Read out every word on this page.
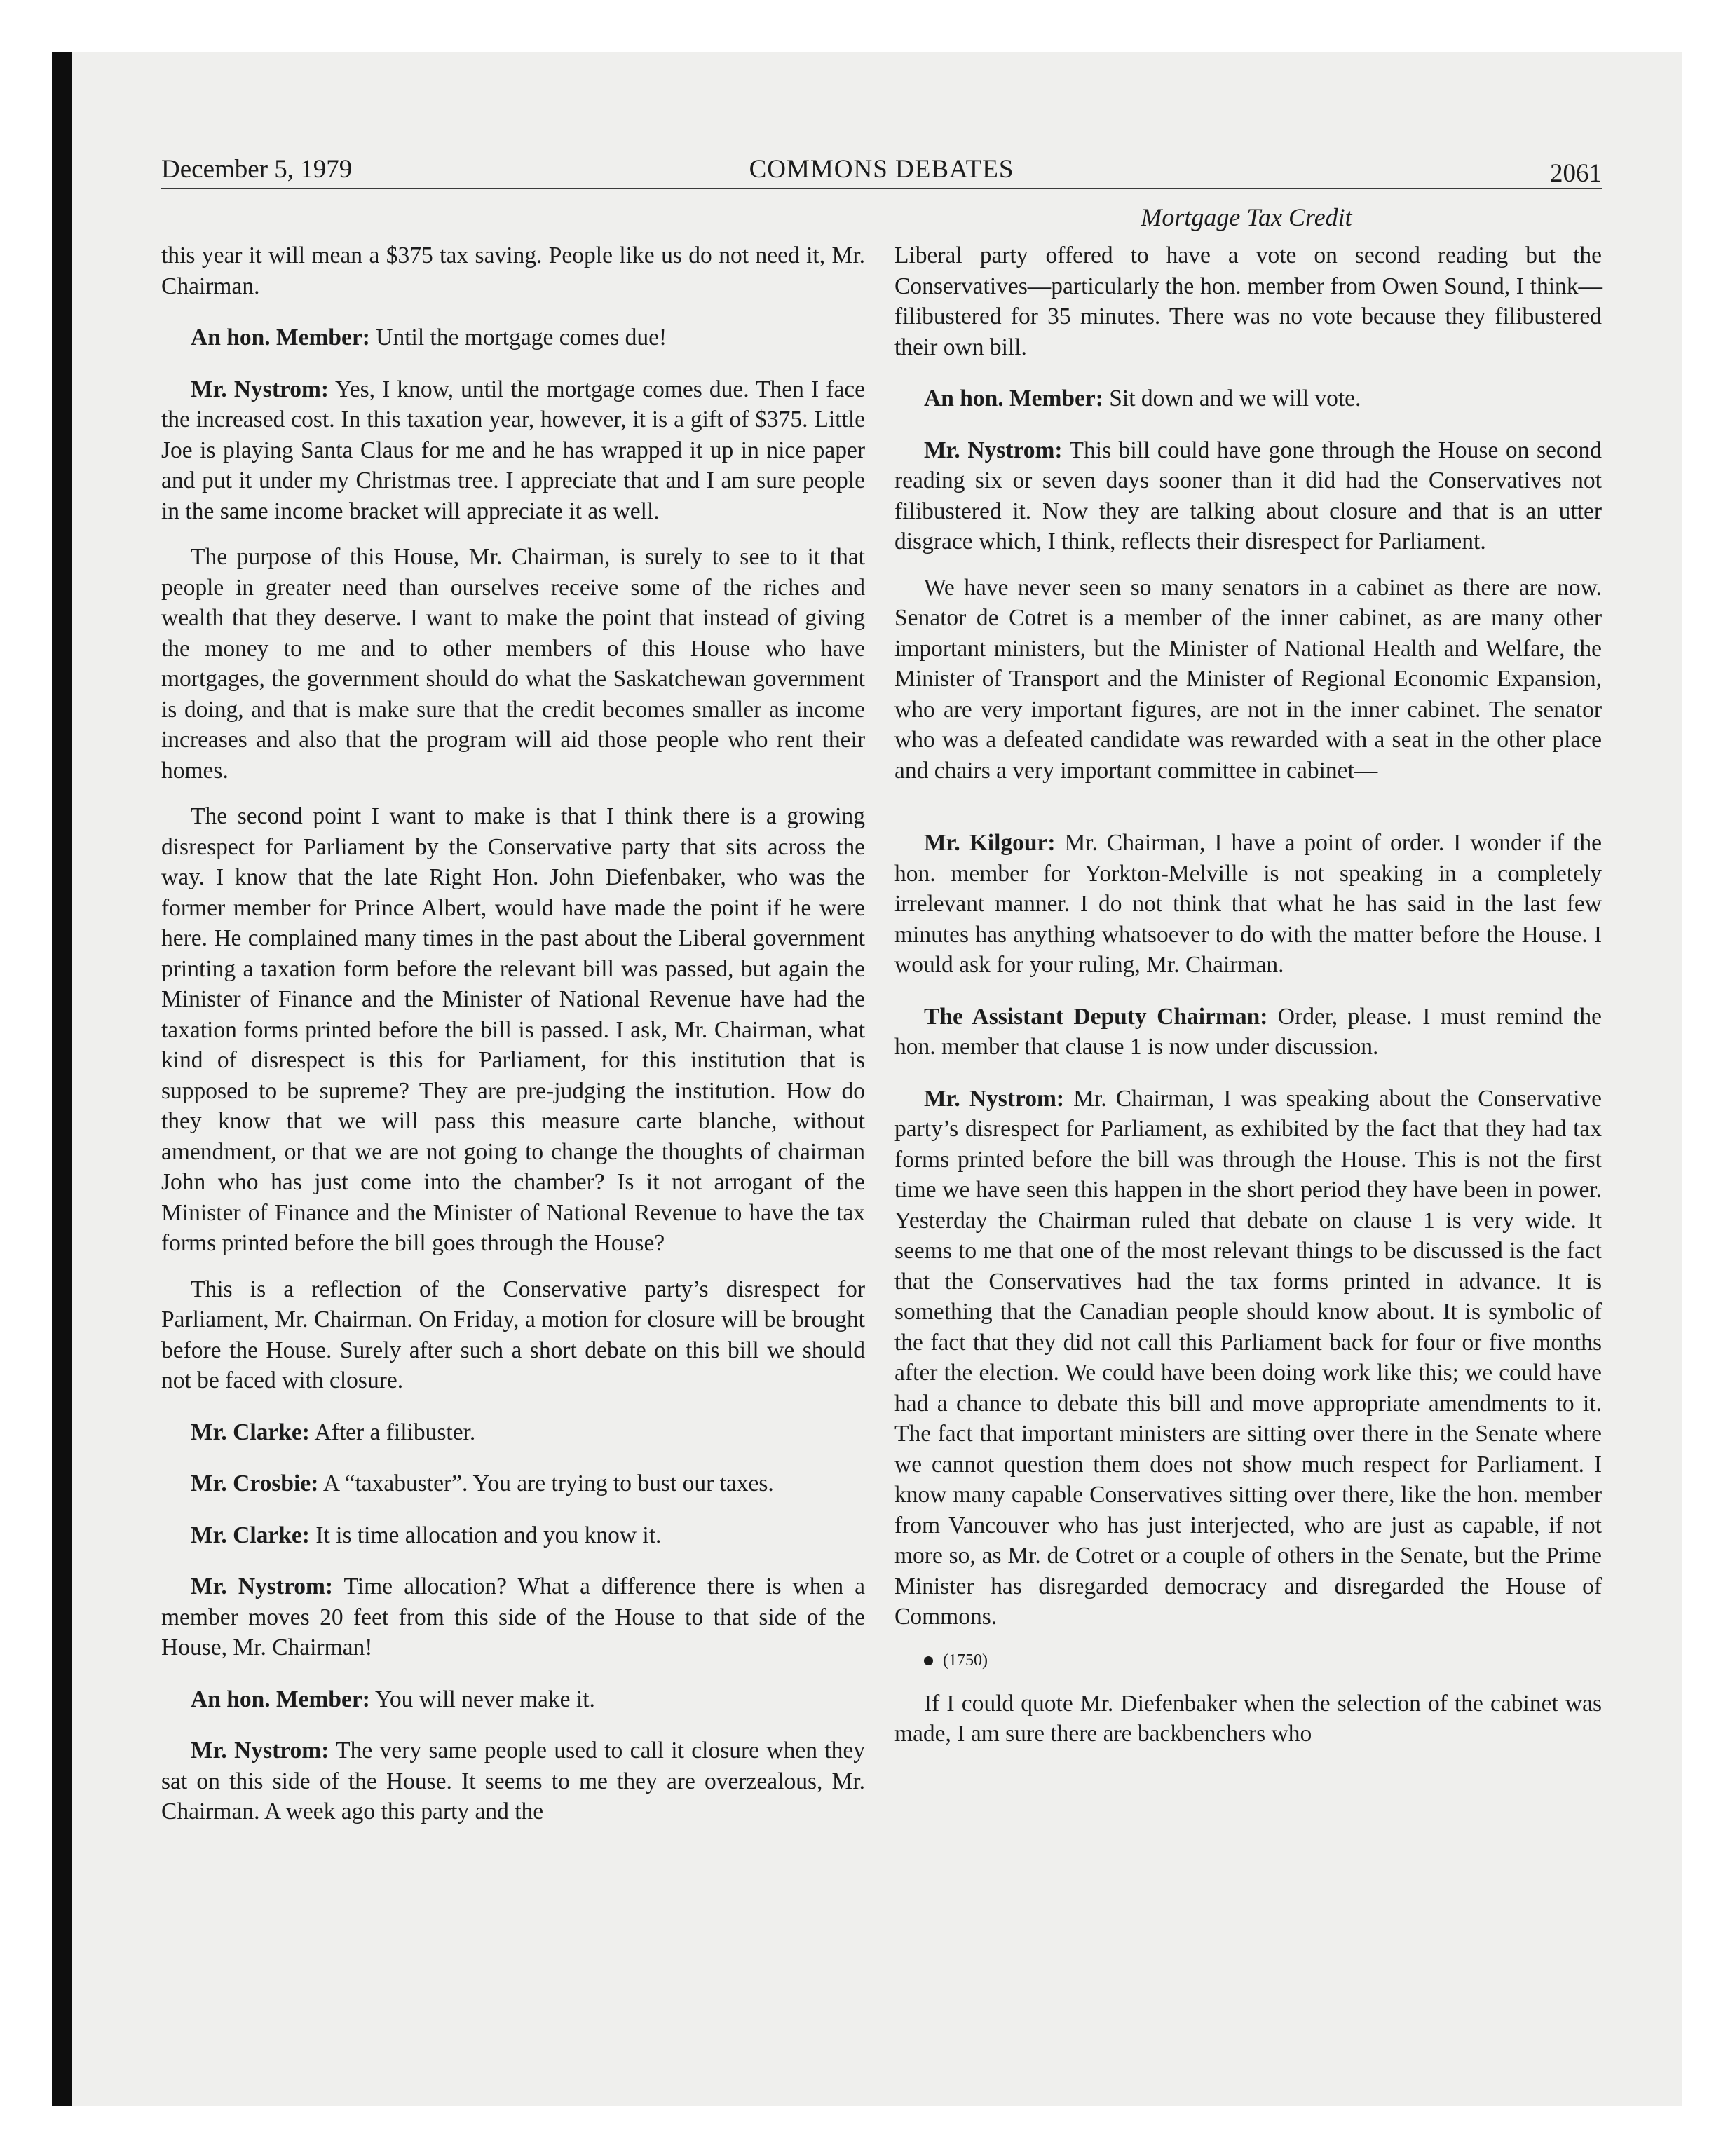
December 5, 1979	COMMONS DEBATES	2061
Mortgage Tax Credit

this year it will mean a $375 tax saving. People like us do not need it, Mr. Chairman.

An hon. Member: Until the mortgage comes due!

Mr. Nystrom: Yes, I know, until the mortgage comes due. Then I face the increased cost. In this taxation year, however, it is a gift of $375. Little Joe is playing Santa Claus for me and he has wrapped it up in nice paper and put it under my Christmas tree. I appreciate that and I am sure people in the same income bracket will appreciate it as well.

The purpose of this House, Mr. Chairman, is surely to see to it that people in greater need than ourselves receive some of the riches and wealth that they deserve. I want to make the point that instead of giving the money to me and to other members of this House who have mortgages, the government should do what the Saskatchewan government is doing, and that is make sure that the credit becomes smaller as income increases and also that the program will aid those people who rent their homes.

The second point I want to make is that I think there is a growing disrespect for Parliament by the Conservative party that sits across the way. I know that the late Right Hon. John Diefenbaker, who was the former member for Prince Albert, would have made the point if he were here. He complained many times in the past about the Liberal government printing a taxation form before the relevant bill was passed, but again the Minister of Finance and the Minister of National Revenue have had the taxation forms printed before the bill is passed. I ask, Mr. Chairman, what kind of disrespect is this for Parliament, for this institution that is supposed to be supreme? They are pre-judging the institution. How do they know that we will pass this measure carte blanche, without amendment, or that we are not going to change the thoughts of chairman John who has just come into the chamber? Is it not arrogant of the Minister of Finance and the Minister of National Revenue to have the tax forms printed before the bill goes through the House?

This is a reflection of the Conservative party’s disrespect for Parliament, Mr. Chairman. On Friday, a motion for closure will be brought before the House. Surely after such a short debate on this bill we should not be faced with closure.

Mr. Clarke: After a filibuster.

Mr. Crosbie: A “taxabuster”. You are trying to bust our taxes.

Mr. Clarke: It is time allocation and you know it.

Mr. Nystrom: Time allocation? What a difference there is when a member moves 20 feet from this side of the House to that side of the House, Mr. Chairman!

An hon. Member: You will never make it.

Mr. Nystrom: The very same people used to call it closure when they sat on this side of the House. It seems to me they are overzealous, Mr. Chairman. A week ago this party and the

Liberal party offered to have a vote on second reading but the Conservatives—particularly the hon. member from Owen Sound, I think—filibustered for 35 minutes. There was no vote because they filibustered their own bill.

An hon. Member: Sit down and we will vote.

Mr. Nystrom: This bill could have gone through the House on second reading six or seven days sooner than it did had the Conservatives not filibustered it. Now they are talking about closure and that is an utter disgrace which, I think, reflects their disrespect for Parliament.

We have never seen so many senators in a cabinet as there are now. Senator de Cotret is a member of the inner cabinet, as are many other important ministers, but the Minister of National Health and Welfare, the Minister of Transport and the Minister of Regional Economic Expansion, who are very important figures, are not in the inner cabinet. The senator who was a defeated candidate was rewarded with a seat in the other place and chairs a very important committee in cabinet—

Mr. Kilgour: Mr. Chairman, I have a point of order. I wonder if the hon. member for Yorkton-Melville is not speaking in a completely irrelevant manner. I do not think that what he has said in the last few minutes has anything whatsoever to do with the matter before the House. I would ask for your ruling, Mr. Chairman.

The Assistant Deputy Chairman: Order, please. I must remind the hon. member that clause 1 is now under discussion.

Mr. Nystrom: Mr. Chairman, I was speaking about the Conservative party’s disrespect for Parliament, as exhibited by the fact that they had tax forms printed before the bill was through the House. This is not the first time we have seen this happen in the short period they have been in power. Yesterday the Chairman ruled that debate on clause 1 is very wide. It seems to me that one of the most relevant things to be discussed is the fact that the Conservatives had the tax forms printed in advance. It is something that the Canadian people should know about. It is symbolic of the fact that they did not call this Parliament back for four or five months after the election. We could have been doing work like this; we could have had a chance to debate this bill and move appropriate amendments to it. The fact that important ministers are sitting over there in the Senate where we cannot question them does not show much respect for Parliament. I know many capable Conservatives sitting over there, like the hon. member from Vancouver who has just interjected, who are just as capable, if not more so, as Mr. de Cotret or a couple of others in the Senate, but the Prime Minister has disregarded democracy and disregarded the House of Commons.

(1750)

If I could quote Mr. Diefenbaker when the selection of the cabinet was made, I am sure there are backbenchers who
